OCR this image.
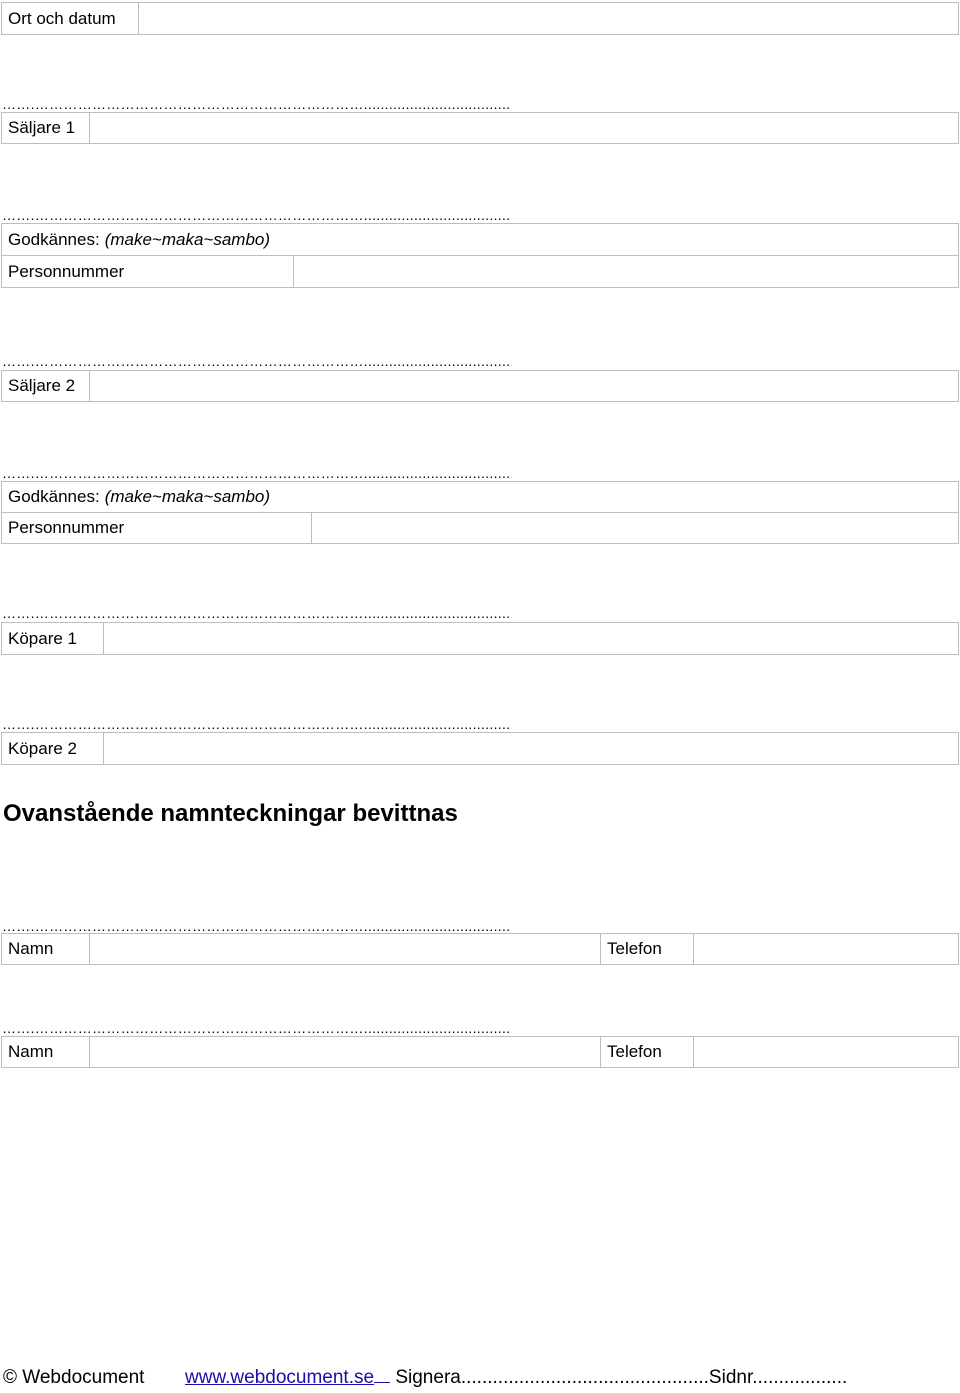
Ort och datum
…….……………………………………………………………...................................
Säljare 1
…….……………………………………………………………...................................
Godkännes: (make~maka~sambo)
Personnummer
…….……………………………………………………………...................................
Säljare 2
…….……………………………………………………………...................................
Godkännes: (make~maka~sambo)
Personnummer
…….……………………………………………………………...................................
Köpare 1
…….……………………………………………………………...................................
Köpare 2
Ovanstående namnteckningar bevittnas
…….……………………………………………………………...................................
Namn	Telefon
…….……………………………………………………………...................................
Namn	Telefon
© Webdocument www.webdocument.se Signera...............................................Sidnr..................
